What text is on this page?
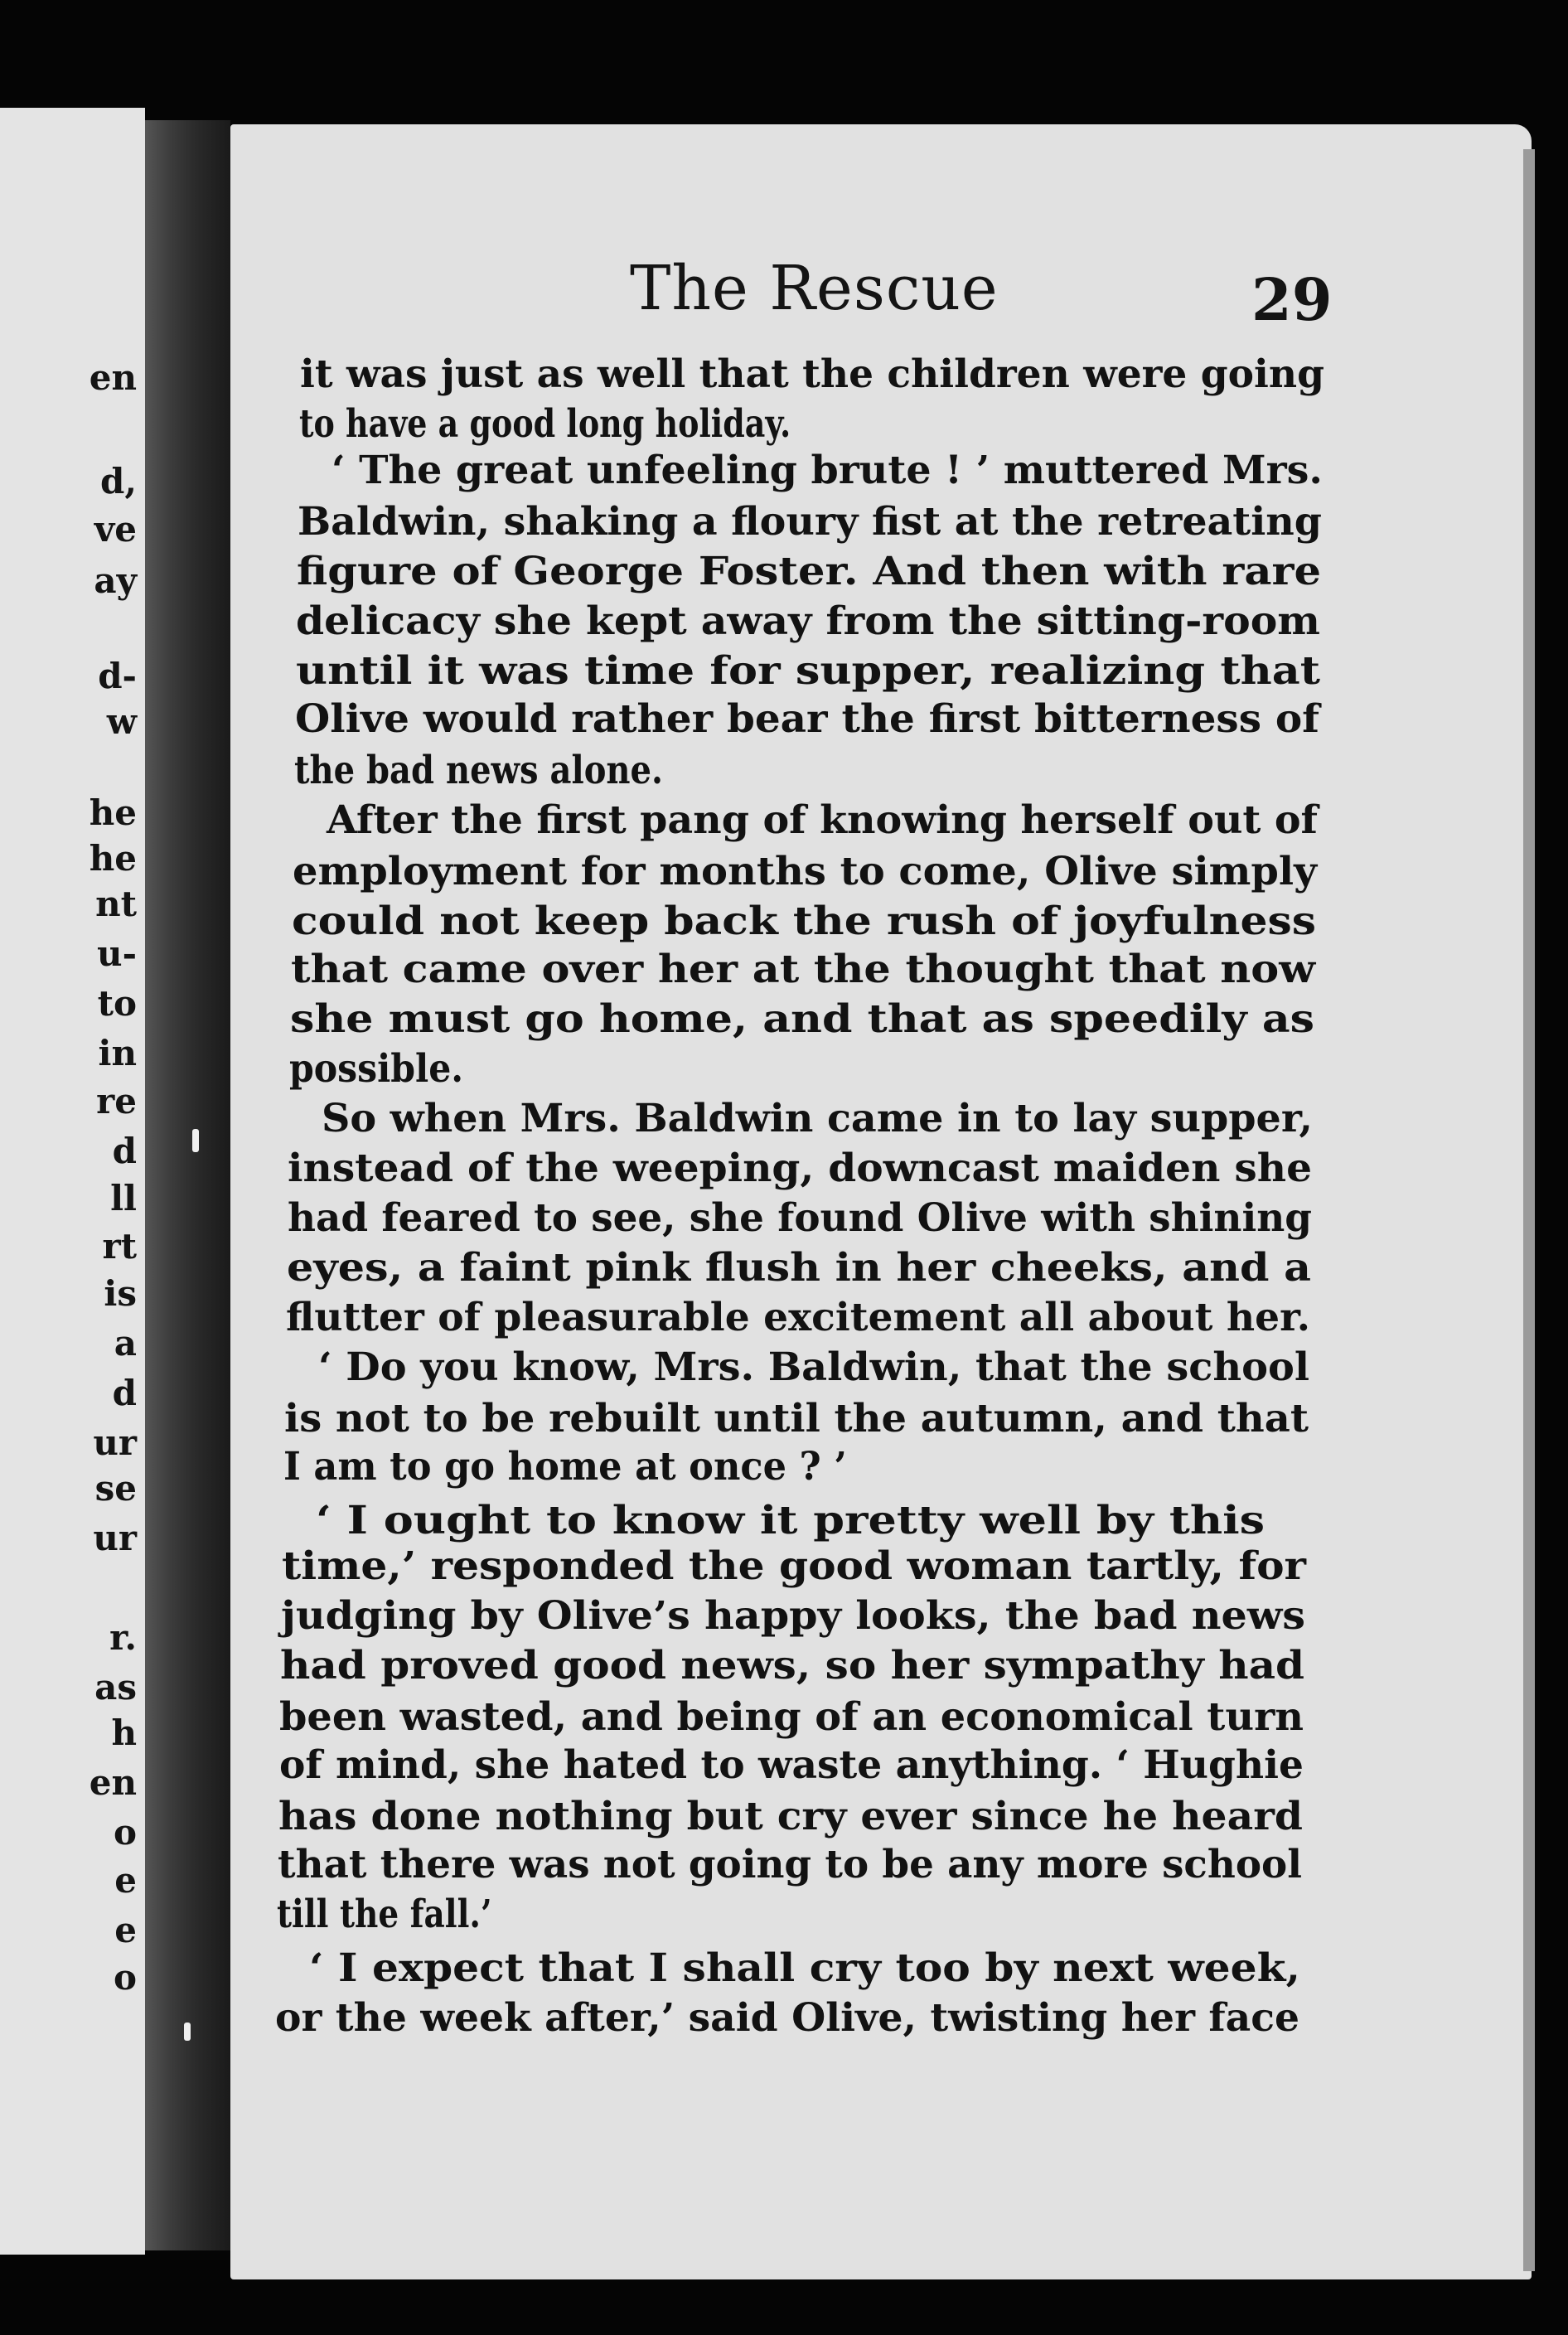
en
d,
ve
ay
d-
w
he
he
nt
u-
to
in
re
d
ll
rt
is
a
d
ur
se
ur
r.
as
h
en
o
e
e
o
The Rescue	29

it was just as well that the children were going

to have a good long holiday.

‘ The great unfeeling brute ! ’ muttered Mrs.

Baldwin, shaking a floury fist at the retreating

figure of George Foster. And then with rare

delicacy she kept away from the sitting-room

until it was time for supper, realizing that

Olive would rather bear the first bitterness of

the bad news alone.

After the first pang of knowing herself out of

employment for months to come, Olive simply

could not keep back the rush of joyfulness

that came over her at the thought that now

she must go home, and that as speedily as

possible.

So when Mrs. Baldwin came in to lay supper,

instead of the weeping, downcast maiden she

had feared to see, she found Olive with shining

eyes, a faint pink flush in her cheeks, and a

flutter of pleasurable excitement all about her.

‘ Do you know, Mrs. Baldwin, that the school

is not to be rebuilt until the autumn, and that

I am to go home at once ? ’

‘ I ought to know it pretty well by this

time,’ responded the good woman tartly, for

judging by Olive’s happy looks, the bad news

had proved good news, so her sympathy had

been wasted, and being of an economical turn

of mind, she hated to waste anything. ‘ Hughie

has done nothing but cry ever since he heard

that there was not going to be any more school

till the fall.’

‘ I expect that I shall cry too by next week,

or the week after,’ said Olive, twisting her face
